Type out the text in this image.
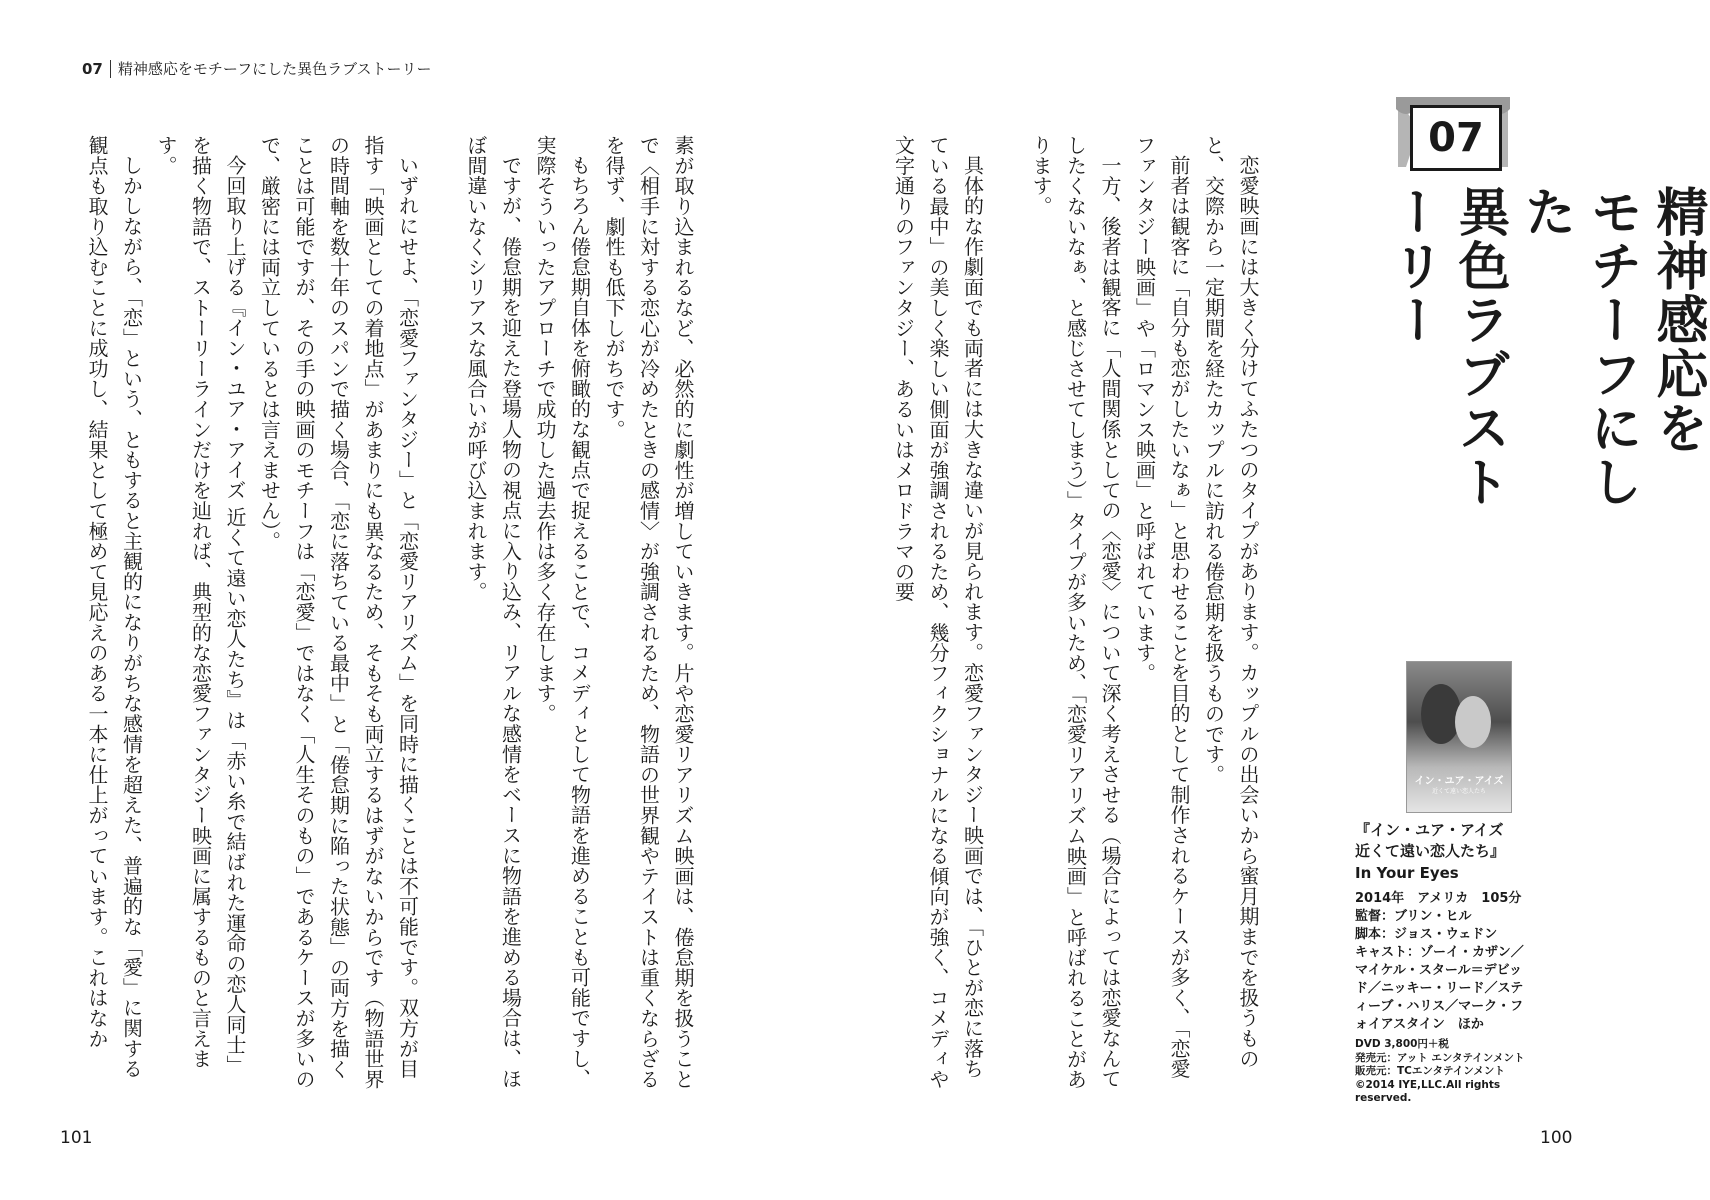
07 精神感応をモチーフにした異色ラブストーリー

素が取り込まれるなど、必然的に劇性が増していきます。片や恋愛リアリズム映画は、倦怠期を扱うことで〈相手に対する恋心が冷めたときの感情〉が強調されるため、物語の世界観やテイストは重くならざるを得ず、劇性も低下しがちです。

もちろん倦怠期自体を俯瞰的な観点で捉えることで、コメディとして物語を進めることも可能ですし、実際そういったアプローチで成功した過去作は多く存在します。

ですが、倦怠期を迎えた登場人物の視点に入り込み、リアルな感情をベースに物語を進める場合は、ほぼ間違いなくシリアスな風合いが呼び込まれます。

いずれにせよ、「恋愛ファンタジー」と「恋愛リアリズム」を同時に描くことは不可能です。双方が目指す「映画としての着地点」があまりにも異なるため、そもそも両立するはずがないからです（物語世界の時間軸を数十年のスパンで描く場合、「恋に落ちている最中」と「倦怠期に陥った状態」の両方を描くことは可能ですが、その手の映画のモチーフは「恋愛」ではなく「人生そのもの」であるケースが多いので、厳密には両立しているとは言えません）。

今回取り上げる『イン・ユア・アイズ 近くて遠い恋人たち』は「赤い糸で結ばれた運命の恋人同士」を描く物語で、ストーリーラインだけを辿れば、典型的な恋愛ファンタジー映画に属するものと言えます。

しかしながら、「恋」という、ともすると主観的になりがちな感情を超えた、普遍的な「愛」に関する観点も取り込むことに成功し、結果として極めて見応えのある一本に仕上がっています。これはなか	恋愛映画には大きく分けてふたつのタイプがあります。カップルの出会いから蜜月期までを扱うものと、交際から一定期間を経たカップルに訪れる倦怠期を扱うものです。

前者は観客に「自分も恋がしたいなぁ」と思わせることを目的として制作されるケースが多く、「恋愛ファンタジー映画」や「ロマンス映画」と呼ばれています。

一方、後者は観客に「人間関係としての〈恋愛〉について深く考えさせる（場合によっては恋愛なんてしたくないなぁ、と感じさせてしまう）」タイプが多いため、「恋愛リアリズム映画」と呼ばれることがあります。

具体的な作劇面でも両者には大きな違いが見られます。恋愛ファンタジー映画では、「ひとが恋に落ちている最中」の美しく楽しい側面が強調されるため、幾分フィクショナルになる傾向が強く、コメディや文字通りのファンタジー、あるいはメロドラマの要	07
精神感応を
モチーフにした
異色ラブストーリー
イン・ユア・アイズ
近くて遠い恋人たち
『イン・ユア・アイズ
近くて遠い恋人たち』
In Your Eyes
2014年　アメリカ　105分
監督：ブリン・ヒル
脚本：ジョス・ウェドン
キャスト：ゾーイ・カザン／マイケル・スタール＝デビッド／ニッキー・リード／スティーブ・ハリス／マーク・フォイアスタイン　ほか
DVD 3,800円＋税
発売元：アット エンタテインメント
販売元：TCエンタテインメント
©2014 IYE,LLC.All rights reserved.
101	100
